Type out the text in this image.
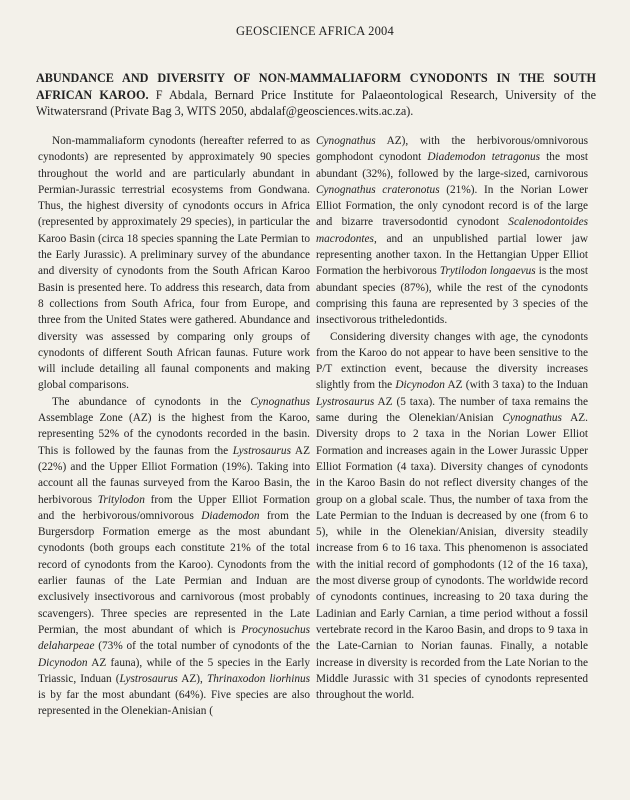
GEOSCIENCE AFRICA 2004
ABUNDANCE AND DIVERSITY OF NON-MAMMALIAFORM CYNODONTS IN THE SOUTH AFRICAN KAROO. F Abdala, Bernard Price Institute for Palaeontological Research, University of the Witwatersrand (Private Bag 3, WITS 2050, abdalaf@geosciences.wits.ac.za).

Non-mammaliaform cynodonts (hereafter referred to as cynodonts) are represented by approximately 90 species throughout the world and are particularly abundant in Permian-Jurassic terrestrial ecosystems from Gondwana. Thus, the highest diversity of cynodonts occurs in Africa (represented by approximately 29 species), in particular the Karoo Basin (circa 18 species spanning the Late Permian to the Early Jurassic). A preliminary survey of the abundance and diversity of cynodonts from the South African Karoo Basin is presented here. To address this research, data from 8 collections from South Africa, four from Europe, and three from the United States were gathered. Abundance and diversity was assessed by comparing only groups of cynodonts of different South African faunas. Future work will include detailing all faunal components and making global comparisons.

The abundance of cynodonts in the Cynognathus Assemblage Zone (AZ) is the highest from the Karoo, representing 52% of the cynodonts recorded in the basin. This is followed by the faunas from the Lystrosaurus AZ (22%) and the Upper Elliot Formation (19%). Taking into account all the faunas surveyed from the Karoo Basin, the herbivorous Tritylodon from the Upper Elliot Formation and the herbivorous/omnivorous Diademodon from the Burgersdorp Formation emerge as the most abundant cynodonts (both groups each constitute 21% of the total record of cynodonts from the Karoo). Cynodonts from the earlier faunas of the Late Permian and Induan are exclusively insectivorous and carnivorous (most probably scavengers). Three species are represented in the Late Permian, the most abundant of which is Procynosuchus delaharpeae (73% of the total number of cynodonts of the Dicynodon AZ fauna), while of the 5 species in the Early Triassic, Induan (Lystrosaurus AZ), Thrinaxodon liorhinus is by far the most abundant (64%). Five species are also represented in the Olenekian-Anisian (

Cynognathus AZ), with the herbivorous/omnivorous gomphodont cynodont Diademodon tetragonus the most abundant (32%), followed by the large-sized, carnivorous Cynognathus crateronotus (21%). In the Norian Lower Elliot Formation, the only cynodont record is of the large and bizarre traversodontid cynodont Scalenodontoides macrodontes, and an unpublished partial lower jaw representing another taxon. In the Hettangian Upper Elliot Formation the herbivorous Trytilodon longaevus is the most abundant species (87%), while the rest of the cynodonts comprising this fauna are represented by 3 species of the insectivorous tritheledontids.

Considering diversity changes with age, the cynodonts from the Karoo do not appear to have been sensitive to the P/T extinction event, because the diversity increases slightly from the Dicynodon AZ (with 3 taxa) to the Induan Lystrosaurus AZ (5 taxa). The number of taxa remains the same during the Olenekian/Anisian Cynognathus AZ. Diversity drops to 2 taxa in the Norian Lower Elliot Formation and increases again in the Lower Jurassic Upper Elliot Formation (4 taxa). Diversity changes of cynodonts in the Karoo Basin do not reflect diversity changes of the group on a global scale. Thus, the number of taxa from the Late Permian to the Induan is decreased by one (from 6 to 5), while in the Olenekian/Anisian, diversity steadily increase from 6 to 16 taxa. This phenomenon is associated with the initial record of gomphodonts (12 of the 16 taxa), the most diverse group of cynodonts. The worldwide record of cynodonts continues, increasing to 20 taxa during the Ladinian and Early Carnian, a time period without a fossil vertebrate record in the Karoo Basin, and drops to 9 taxa in the Late-Carnian to Norian faunas. Finally, a notable increase in diversity is recorded from the Late Norian to the Middle Jurassic with 31 species of cynodonts represented throughout the world.
